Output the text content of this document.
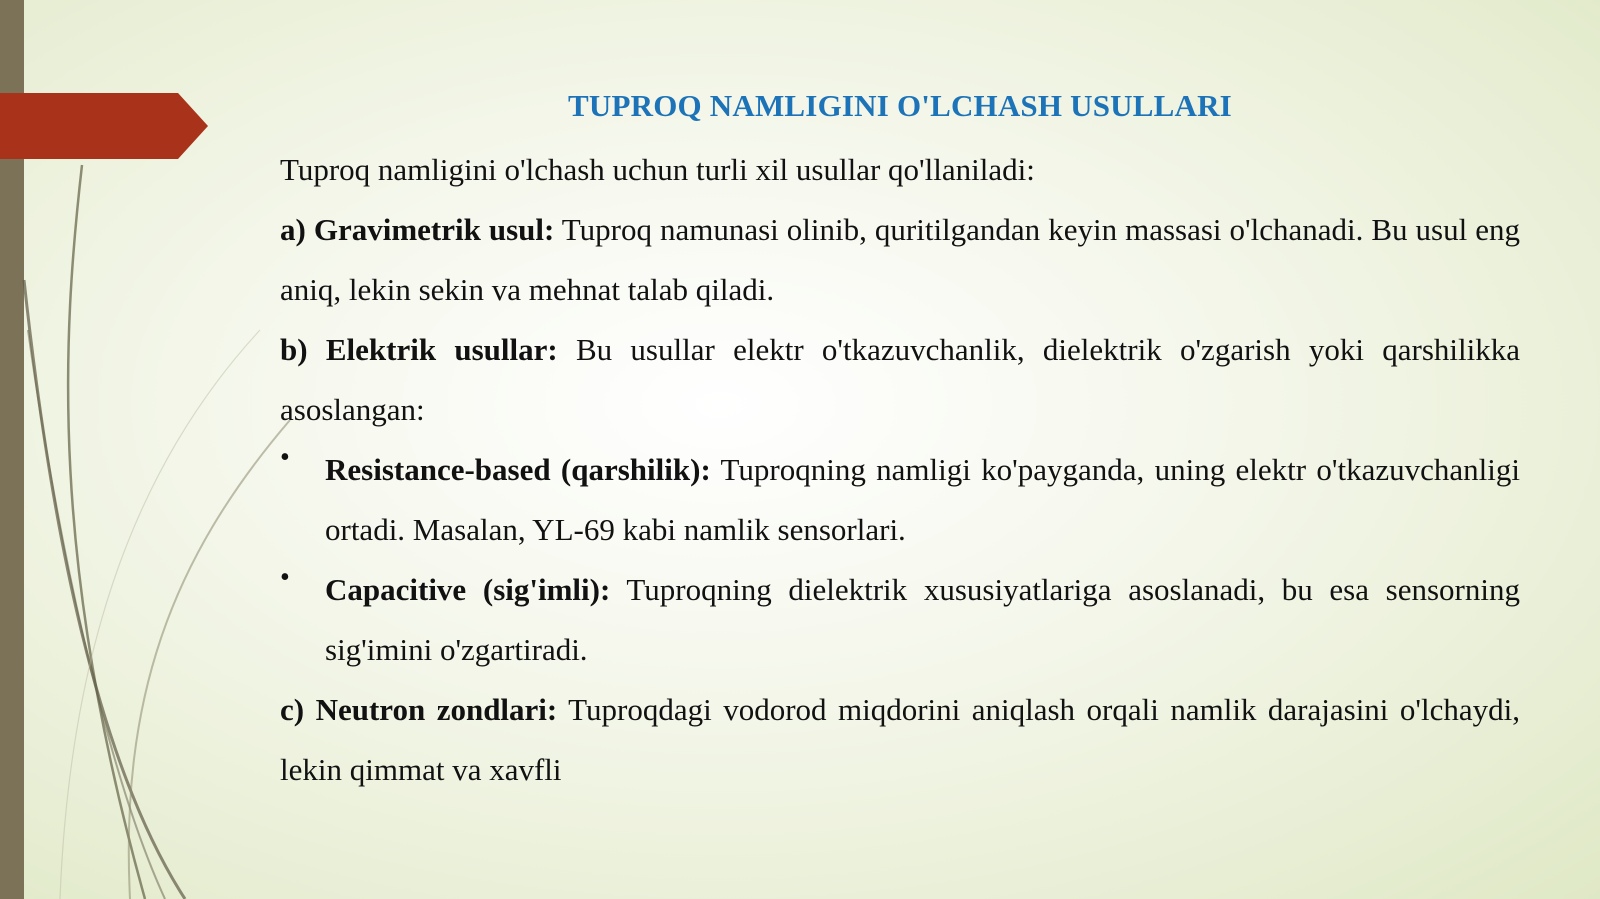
TUPROQ NAMLIGINI O'LCHASH USULLARI

Tuproq namligini o'lchash uchun turli xil usullar qo'llaniladi:

a) Gravimetrik usul: Tuproq namunasi olinib, quritilgandan keyin massasi o'lchanadi. Bu usul eng aniq, lekin sekin va mehnat talab qiladi.

b) Elektrik usullar: Bu usullar elektr o'tkazuvchanlik, dielektrik o'zgarish yoki qarshilikka asoslangan:

•	Resistance-based (qarshilik): Tuproqning namligi ko'payganda, uning elektr o'tkazuvchanligi ortadi. Masalan, YL-69 kabi namlik sensorlari.
•	Capacitive (sig'imli): Tuproqning dielektrik xususiyatlariga asoslanadi, bu esa sensorning sig'imini o'zgartiradi.

c) Neutron zondlari: Tuproqdagi vodorod miqdorini aniqlash orqali namlik darajasini o'lchaydi, lekin qimmat va xavfli
